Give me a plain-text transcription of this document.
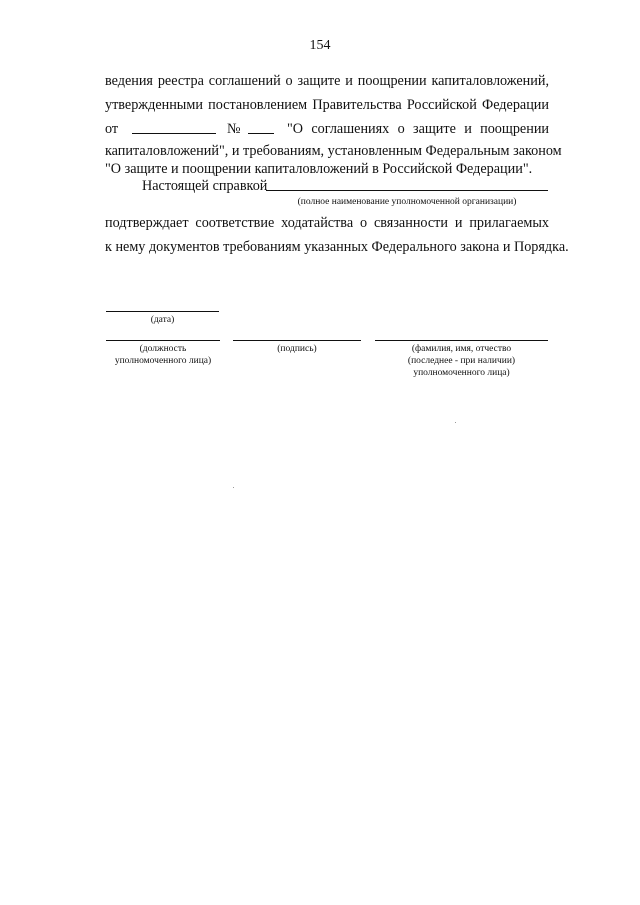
154
ведения реестра соглашений о защите и поощрении капиталовложений,
утвержденными постановлением Правительства Российской Федерации
от	№	"О соглашениях о защите и поощрении
капиталовложений", и требованиям, установленным Федеральным законом
"О защите и поощрении капиталовложений в Российской Федерации".
Настоящей справкой
(полное наименование уполномоченной организации)
подтверждает соответствие ходатайства о связанности и прилагаемых
к нему документов требованиям указанных Федерального закона и Порядка.
(дата)
(должность
уполномоченного лица)
(подпись)	(фамилия, имя, отчество
(последнее - при наличии)
уполномоченного лица)
